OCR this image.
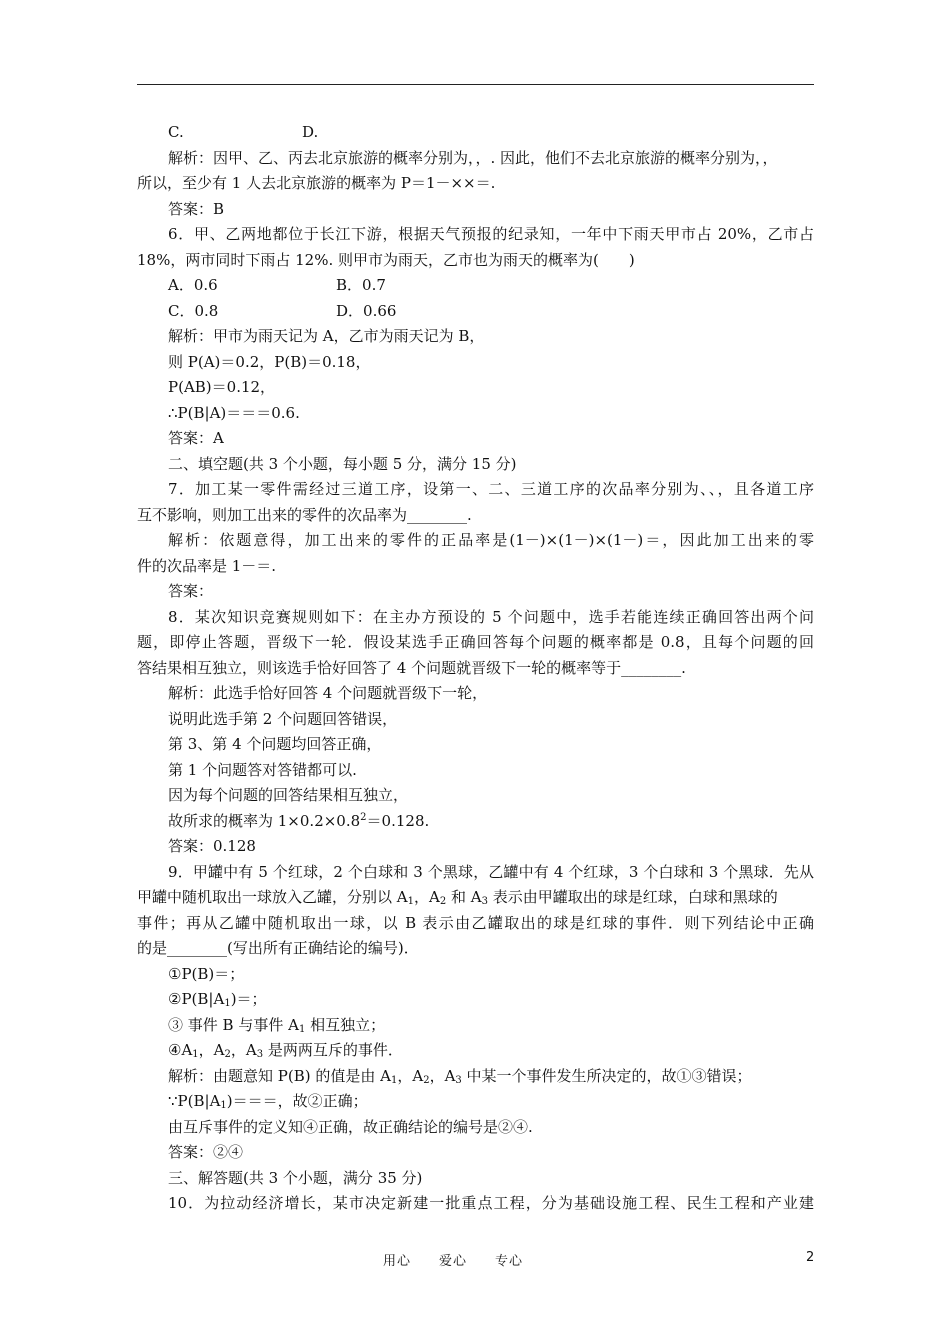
C.	D.
解析：因甲、乙、丙去北京旅游的概率分别为，，. 因此，他们不去北京旅游的概率分别为，，
所以，至少有 1 人去北京旅游的概率为 P＝1－××＝.
答案：B
6．甲、乙两地都位于长江下游，根据天气预报的纪录知，一年中下雨天甲市占 20%，乙市占
18%，两市同时下雨占 12%. 则甲市为雨天，乙市也为雨天的概率为(　　)
A．0.6	B．0.7
C．0.8	D．0.66
解析：甲市为雨天记为 A，乙市为雨天记为 B，
则 P(A)＝0.2，P(B)＝0.18，
P(AB)＝0.12，
∴P(B|A)＝＝＝0.6.
答案：A
二、填空题(共 3 个小题，每小题 5 分，满分 15 分)
7．加工某一零件需经过三道工序，设第一、二、三道工序的次品率分别为、、，且各道工序
互不影响，则加工出来的零件的次品率为________.
解析：依题意得，加工出来的零件的正品率是(1－)×(1－)×(1－)＝，因此加工出来的零
件的次品率是 1－＝.
答案：
8．某次知识竞赛规则如下：在主办方预设的 5 个问题中，选手若能连续正确回答出两个问
题，即停止答题，晋级下一轮．假设某选手正确回答每个问题的概率都是 0.8，且每个问题的回
答结果相互独立，则该选手恰好回答了 4 个问题就晋级下一轮的概率等于________.
解析：此选手恰好回答 4 个问题就晋级下一轮，
说明此选手第 2 个问题回答错误，
第 3、第 4 个问题均回答正确，
第 1 个问题答对答错都可以.
因为每个问题的回答结果相互独立，
故所求的概率为 $1\times 0.2\times 0.8^2=0.128$.
答案：0.128
9．甲罐中有 5 个红球，2 个白球和 3 个黑球，乙罐中有 4 个红球，3 个白球和 3 个黑球．先从
甲罐中随机取出一球放入乙罐，分别以 $A_1$，$A_2$ 和 $A_3$ 表示由甲罐取出的球是红球，白球和黑球的
事件；再从乙罐中随机取出一球，以 B 表示由乙罐取出的球是红球的事件．则下列结论中正确
的是________(写出所有正确结论的编号)．
①P(B)＝；
$②P(B|A_1)=$；
③ 事件 B 与事件 $A_1$ 相互独立；
$④A_1$，$A_2$，$A_3$ 是两两互斥的事件．
解析：由题意知 P(B) 的值是由 $A_1$，$A_2$，$A_3$ 中某一个事件发生所决定的，故①③错误；
$\because P(B|A_1)===$，故②正确；
由互斥事件的定义知④正确，故正确结论的编号是②④.
答案：②④
三、解答题(共 3 个小题，满分 35 分)
10．为拉动经济增长，某市决定新建一批重点工程，分为基础设施工程、民生工程和产业建
用心　　爱心　　专心	2
